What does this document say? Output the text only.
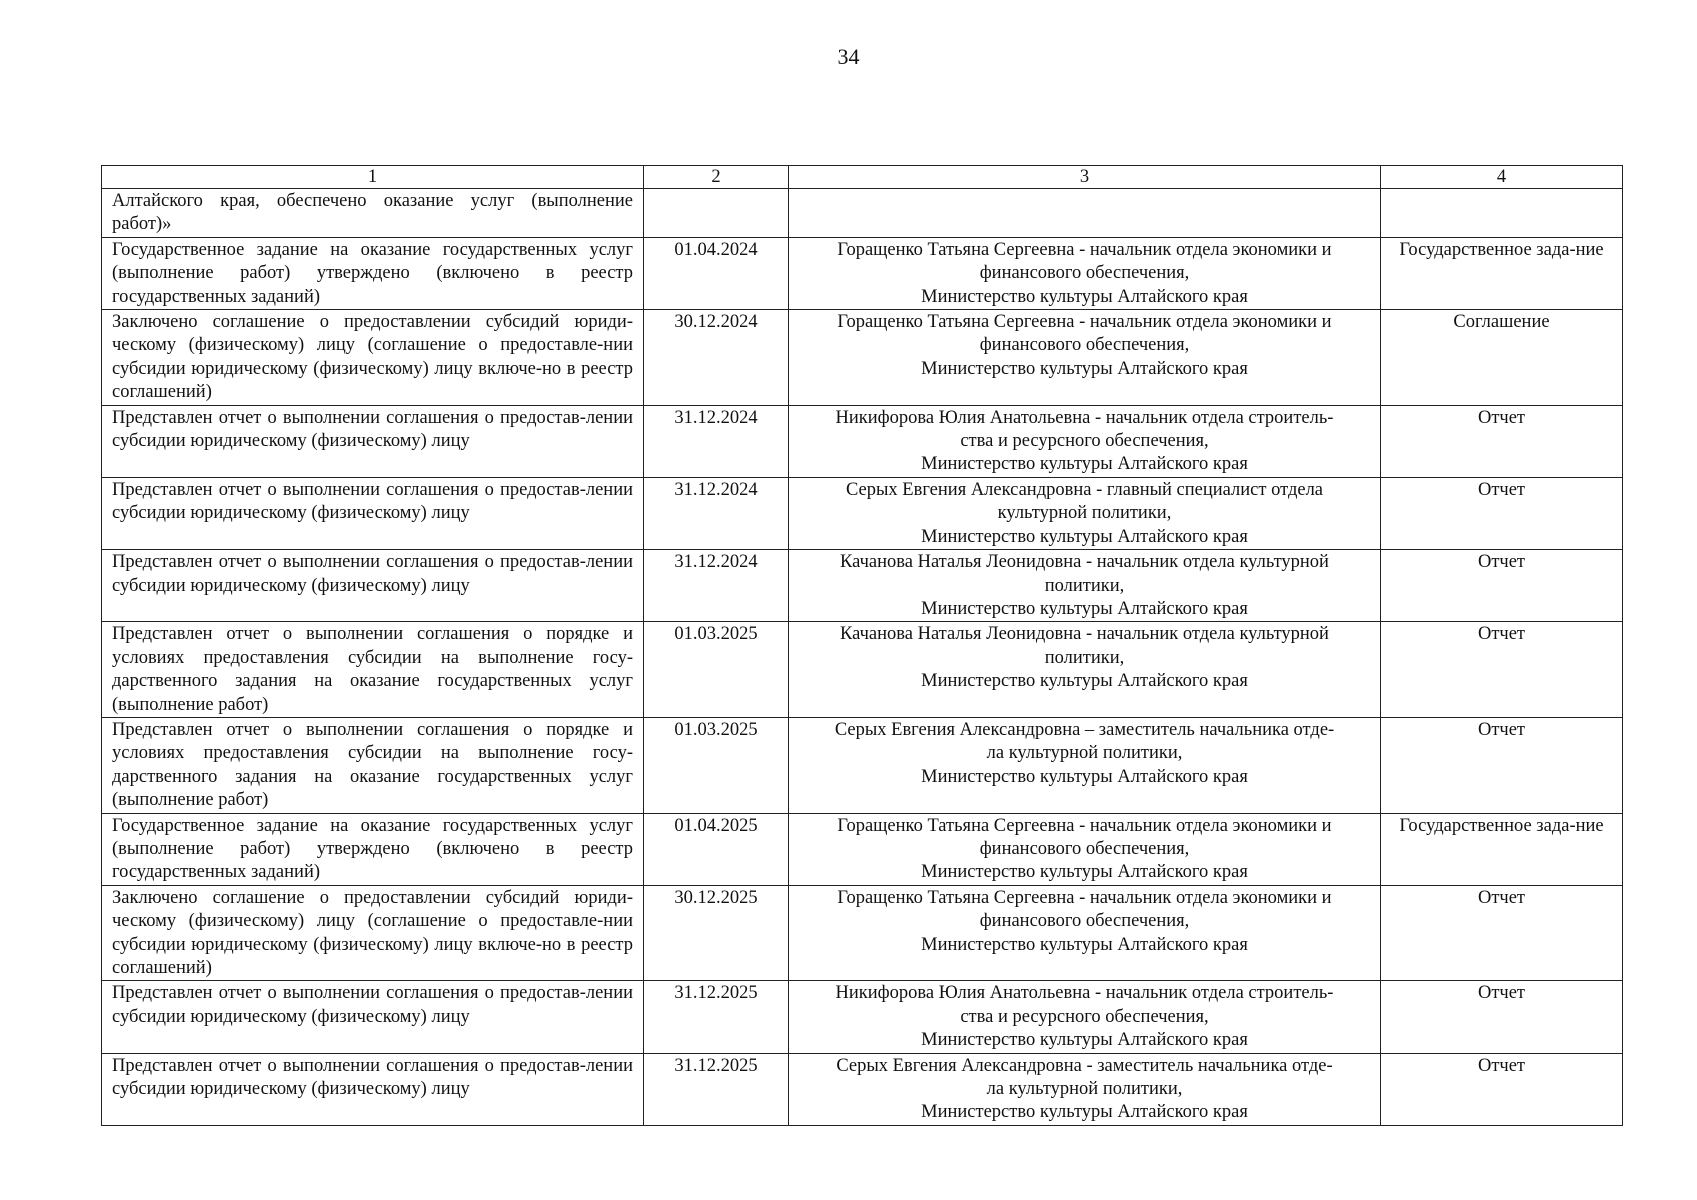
34
1	2	3	4
Алтайского края, обеспечено оказание услуг (выполнение работ)»		

Государственное задание на оказание государственных услуг (выполнение работ) утверждено (включено в реестр государственных заданий)	01.04.2024	Горащенко Татьяна Сергеевна - начальник отдела экономики и
финансового обеспечения,
Министерство культуры Алтайского края	Государственное зада-ние
Заключено соглашение о предоставлении субсидий юриди-ческому (физическому) лицу (соглашение о предоставле-нии субсидии юридическому (физическому) лицу включе-но в реестр соглашений)	30.12.2024	Горащенко Татьяна Сергеевна - начальник отдела экономики и
финансового обеспечения,
Министерство культуры Алтайского края	Соглашение
Представлен отчет о выполнении соглашения о предостав-лении субсидии юридическому (физическому) лицу	31.12.2024	Никифорова Юлия Анатольевна - начальник отдела строитель-
ства и ресурсного обеспечения,
Министерство культуры Алтайского края	Отчет
Представлен отчет о выполнении соглашения о предостав-лении субсидии юридическому (физическому) лицу	31.12.2024	Серых Евгения Александровна - главный специалист отдела
культурной политики,
Министерство культуры Алтайского края	Отчет
Представлен отчет о выполнении соглашения о предостав-лении субсидии юридическому (физическому) лицу	31.12.2024	Качанова Наталья Леонидовна - начальник отдела культурной
политики,
Министерство культуры Алтайского края	Отчет
Представлен отчет о выполнении соглашения о порядке и условиях предоставления субсидии на выполнение госу-дарственного задания на оказание государственных услуг (выполнение работ)	01.03.2025	Качанова Наталья Леонидовна - начальник отдела культурной
политики,
Министерство культуры Алтайского края	Отчет
Представлен отчет о выполнении соглашения о порядке и условиях предоставления субсидии на выполнение госу-дарственного задания на оказание государственных услуг (выполнение работ)	01.03.2025	Серых Евгения Александровна – заместитель начальника отде-
ла культурной политики,
Министерство культуры Алтайского края	Отчет
Государственное задание на оказание государственных услуг (выполнение работ) утверждено (включено в реестр государственных заданий)	01.04.2025	Горащенко Татьяна Сергеевна - начальник отдела экономики и
финансового обеспечения,
Министерство культуры Алтайского края	Государственное зада-ние
Заключено соглашение о предоставлении субсидий юриди-ческому (физическому) лицу (соглашение о предоставле-нии субсидии юридическому (физическому) лицу включе-но в реестр соглашений)	30.12.2025	Горащенко Татьяна Сергеевна - начальник отдела экономики и
финансового обеспечения,
Министерство культуры Алтайского края	Отчет
Представлен отчет о выполнении соглашения о предостав-лении субсидии юридическому (физическому) лицу	31.12.2025	Никифорова Юлия Анатольевна - начальник отдела строитель-
ства и ресурсного обеспечения,
Министерство культуры Алтайского края	Отчет
Представлен отчет о выполнении соглашения о предостав-лении субсидии юридическому (физическому) лицу	31.12.2025	Серых Евгения Александровна - заместитель начальника отде-
ла культурной политики,
Министерство культуры Алтайского края	Отчет
